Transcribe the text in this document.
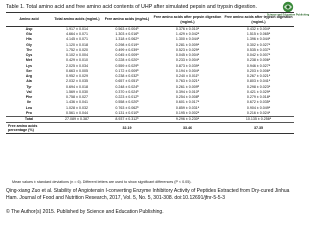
Table 1. Total amino acid and free amino acid contents of UHP after simulated pepsin and trypsin digestion.
Science and Education Publishing
Amino acid	Total amino acids (mg/mL)	Free amino acids (mg/mL)	Free amino acids after pepsin digestion (mg/mL)	Free amino acids after trypsin digestion (mg/mL)
Asp	1.917 ± 0.014	0.563 ± 0.004ᵇ	0.376 ± 0.010ᵃ	0.432 ± 0.004ᵃ
Glu	4.664 ± 0.071	1.303 ± 0.016ᵇ	1.429 ± 0.042ᵃ	1.515 ± 0.065ᵃ
His	4.145 ± 0.071	1.318 ± 0.062ᵃ	1.300 ± 0.044ᵃ	1.396 ± 0.044ᵃ
Gly	1.120 ± 0.018	0.298 ± 0.019ᵃ	0.281 ± 0.009ᵃ	0.302 ± 0.027ᵃ
Thr	1.752 ± 0.020	0.499 ± 0.039ᵃ	0.523 ± 0.029ᵃ	0.535 ± 0.037ᵃ
Cys	0.102 ± 0.004	0.045 ± 0.009ᵃ	0.045 ± 0.004ᵃ	0.042 ± 0.007ᵃ
Met	0.429 ± 0.010	0.228 ± 0.020ᵃ	0.233 ± 0.004ᵃ	0.238 ± 0.006ᵃ
Lys	2.025 ± 0.034	0.559 ± 0.029ᵇ	0.873 ± 0.039ᵃ	0.946 ± 0.027ᵃ
Ser	0.663 ± 0.005	0.172 ± 0.009ᵇ	0.194 ± 0.004ᵃ	0.203 ± 0.006ᵃ
Arg	0.952 ± 0.029	0.238 ± 0.032ᵇ	0.240 ± 0.011ᵇ	0.267 ± 0.021ᵃ
Ala	2.032 ± 0.035	0.657 ± 0.051ᵇ	0.763 ± 0.021ᵃ	0.803 ± 0.041ᵃ
Tyr	0.694 ± 0.018	0.248 ± 0.024ᵇ	0.261 ± 0.009ᵇ	0.298 ± 0.023ᵃ
Val	1.569 ± 0.030	0.370 ± 0.024ᵇ	0.394 ± 0.010ᵇ	0.421 ± 0.029ᵃ
Phe	0.758 ± 0.027	0.223 ± 0.012ᵇ	0.254 ± 0.008ᵇ	0.279 ± 0.018ᵃ
Ile	1.436 ± 0.041	0.558 ± 0.020ᵇ	0.601 ± 0.017ᵃ	0.672 ± 0.035ᵃ
Leu	1.028 ± 0.032	0.763 ± 0.062ᵇ	0.859 ± 0.031ᵃ	0.904 ± 0.049ᵃ
Pro	0.561 ± 0.044	0.131 ± 0.010ᵇ	0.195 ± 0.002ᵃ	0.216 ± 0.024ᵃ
Total	27.089 ± 0.387	8.937 ± 0.312ᵇ	9.296 ± 0.230ᵃ	10.135 ± 0.256ᵃ
Free amino acids percentage (%)		32.19	33.46	37.35
Mean values ± standard deviations (n = 6). Different letters are used to show significant differences (P < 0.05).
Qing-xiang Zuo et al. Stability of Angiotensin I-converting Enzyme Inhibitory Activity of Peptides Extracted from Dry-cured Jinhua Ham. Journal of Food and Nutrition Research, 2017, Vol. 5, No. 5, 301-308. doi:10.12691/jfnr-5-5-3
© The Author(s) 2015. Published by Science and Education Publishing.
